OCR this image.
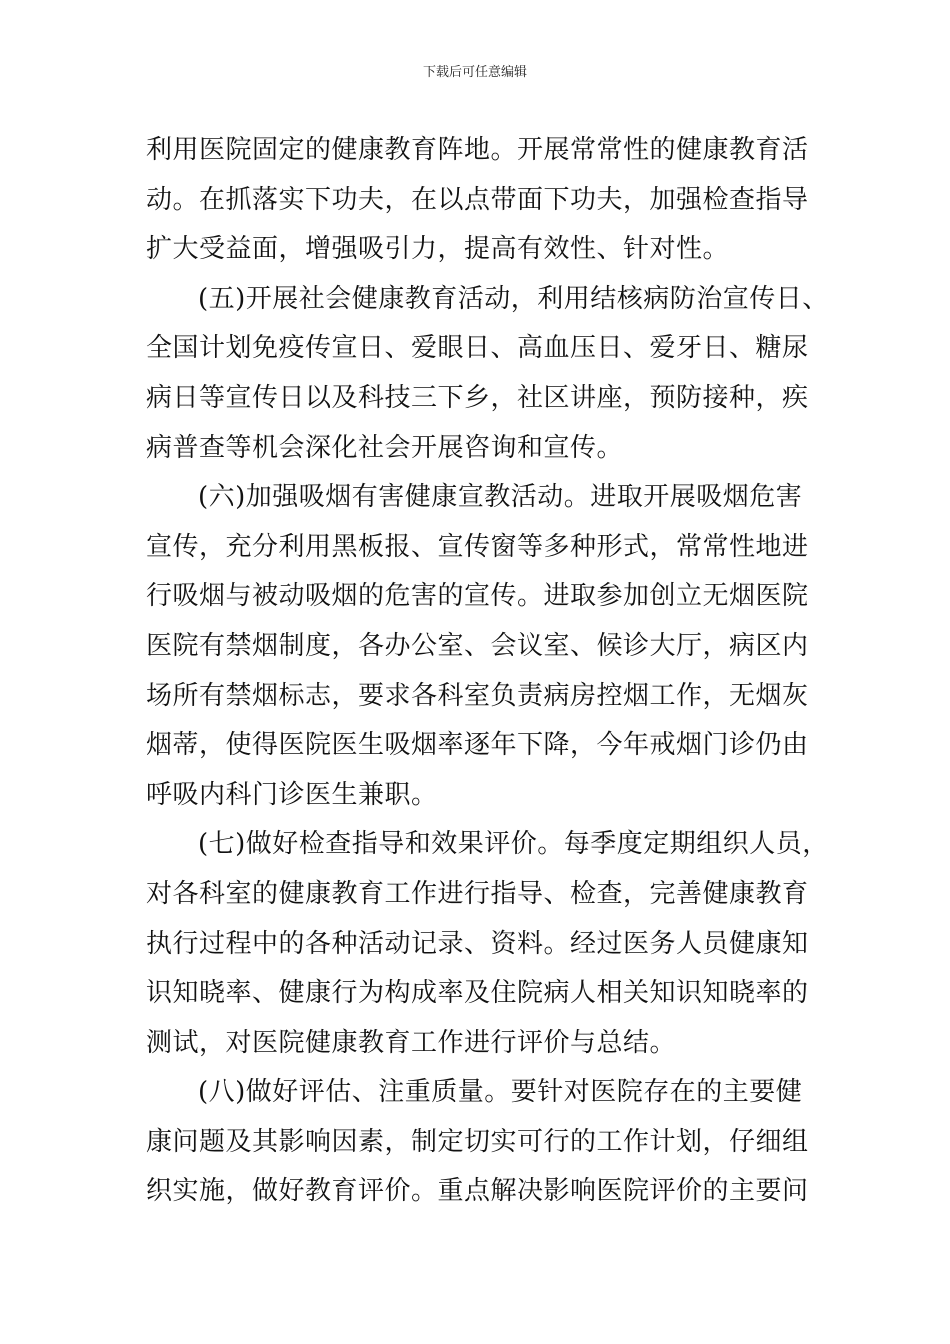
下载后可任意编辑
利用医院固定的健康教育阵地。开展常常性的健康教育活
动。在抓落实下功夫，在以点带面下功夫，加强检查指导
扩大受益面，增强吸引力，提高有效性、针对性。
(五)开展社会健康教育活动，利用结核病防治宣传日、
全国计划免疫传宣日、爱眼日、高血压日、爱牙日、糖尿
病日等宣传日以及科技三下乡，社区讲座，预防接种，疾
病普查等机会深化社会开展咨询和宣传。
(六)加强吸烟有害健康宣教活动。进取开展吸烟危害
宣传，充分利用黑板报、宣传窗等多种形式，常常性地进
行吸烟与被动吸烟的危害的宣传。进取参加创立无烟医院
医院有禁烟制度，各办公室、会议室、候诊大厅，病区内
场所有禁烟标志，要求各科室负责病房控烟工作，无烟灰
烟蒂，使得医院医生吸烟率逐年下降，今年戒烟门诊仍由
呼吸内科门诊医生兼职。
(七)做好检查指导和效果评价。每季度定期组织人员，
对各科室的健康教育工作进行指导、检查，完善健康教育
执行过程中的各种活动记录、资料。经过医务人员健康知
识知晓率、健康行为构成率及住院病人相关知识知晓率的
测试，对医院健康教育工作进行评价与总结。
(八)做好评估、注重质量。要针对医院存在的主要健
康问题及其影响因素，制定切实可行的工作计划，仔细组
织实施，做好教育评价。重点解决影响医院评价的主要问
